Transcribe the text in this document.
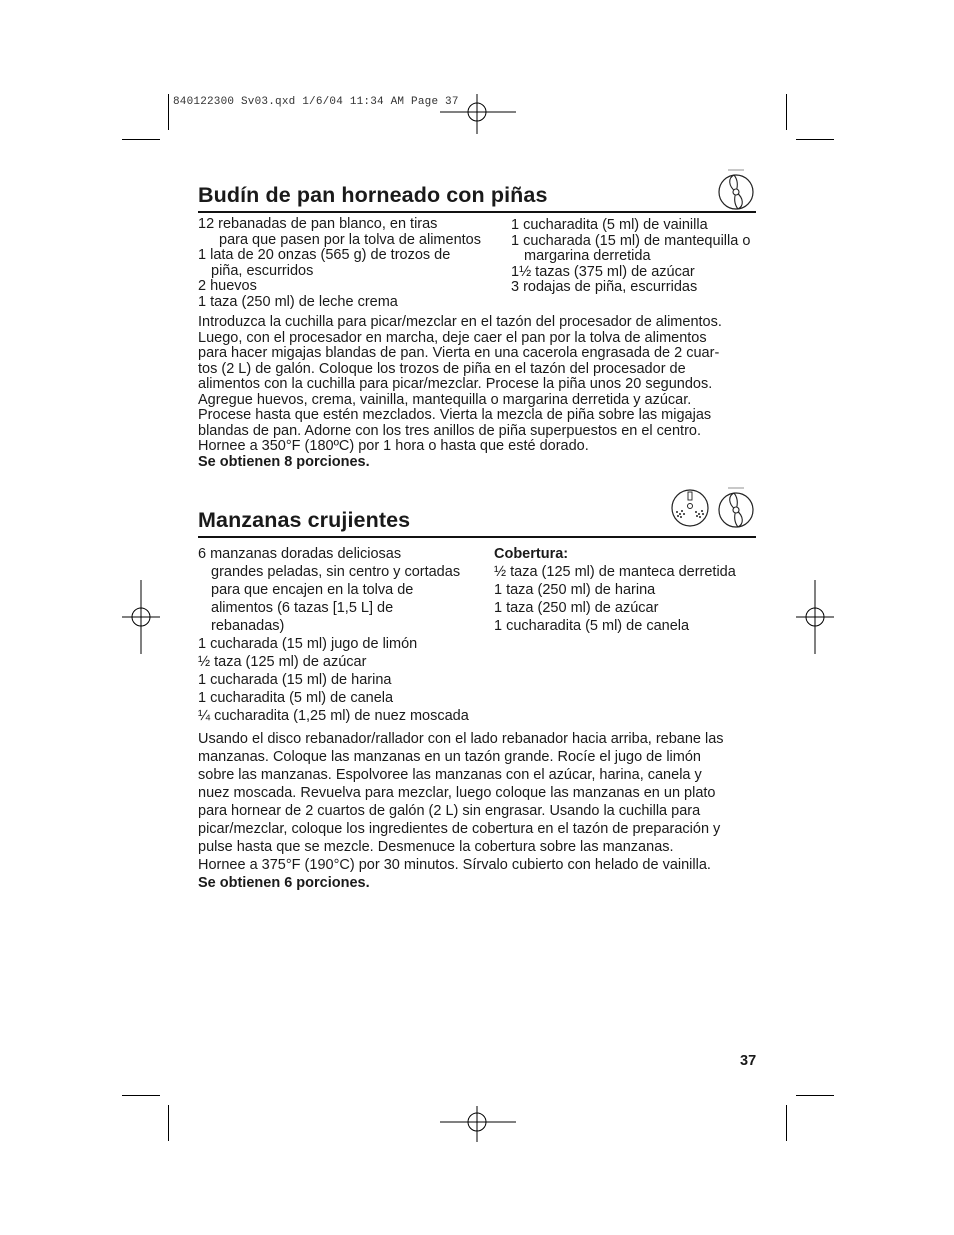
840122300 Sv03.qxd 1/6/04 11:34 AM Page 37
Budín de pan horneado con piñas
12 rebanadas de pan blanco, en tiras
para que pasen por la tolva de alimentos
1 lata de 20 onzas (565 g) de trozos de
piña, escurridos
2 huevos
1 taza (250 ml) de leche crema
1 cucharadita (5 ml) de vainilla
1 cucharada (15 ml) de mantequilla o
margarina derretida
1½ tazas (375 ml) de azúcar
3 rodajas de piña, escurridas
Introduzca la cuchilla para picar/mezclar en el tazón del procesador de alimentos.
Luego, con el procesador en marcha, deje caer el pan por la tolva de alimentos
para hacer migajas blandas de pan. Vierta en una cacerola engrasada de 2 cuar-
tos (2 L) de galón. Coloque los trozos de piña en el tazón del procesador de
alimentos con la cuchilla para picar/mezclar. Procese la piña unos 20 segundos.
Agregue huevos, crema, vainilla, mantequilla o margarina derretida y azúcar.
Procese hasta que estén mezclados. Vierta la mezcla de piña sobre las migajas
blandas de pan. Adorne con los tres anillos de piña superpuestos en el centro.
Hornee a 350°F (180ºC) por 1 hora o hasta que esté dorado.
Se obtienen 8 porciones.
Manzanas crujientes
6 manzanas doradas deliciosas
grandes peladas, sin centro y cortadas
para que encajen en la tolva de
alimentos (6 tazas [1,5 L] de
rebanadas)
1 cucharada (15 ml) jugo de limón
½ taza (125 ml) de azúcar
1 cucharada (15 ml) de harina
1 cucharadita (5 ml) de canela
¼ cucharadita (1,25 ml) de nuez moscada
Cobertura:
½ taza (125 ml) de manteca derretida
1 taza (250 ml) de harina
1 taza (250 ml) de azúcar
1 cucharadita (5 ml) de canela
Usando el disco rebanador/rallador con el lado rebanador hacia arriba, rebane las
manzanas. Coloque las manzanas en un tazón grande. Rocíe el jugo de limón
sobre las manzanas. Espolvoree las manzanas con el azúcar, harina, canela y
nuez moscada. Revuelva para mezclar, luego coloque las manzanas en un plato
para hornear de 2 cuartos de galón (2 L) sin engrasar. Usando la cuchilla para
picar/mezclar, coloque los ingredientes de cobertura en el tazón de preparación y
pulse hasta que se mezcle. Desmenuce la cobertura sobre las manzanas.
Hornee a 375°F (190°C) por 30 minutos. Sírvalo cubierto con helado de vainilla.
Se obtienen 6 porciones.
37
